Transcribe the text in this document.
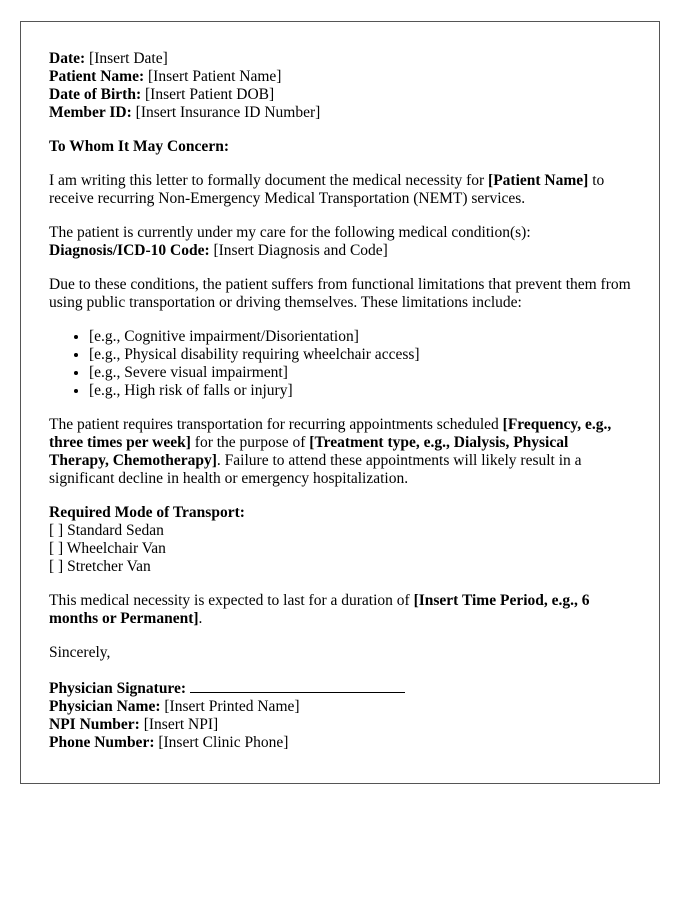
Date: [Insert Date]
Patient Name: [Insert Patient Name]
Date of Birth: [Insert Patient DOB]
Member ID: [Insert Insurance ID Number]
To Whom It May Concern:
I am writing this letter to formally document the medical necessity for [Patient Name] to receive recurring Non-Emergency Medical Transportation (NEMT) services.
The patient is currently under my care for the following medical condition(s):
Diagnosis/ICD-10 Code: [Insert Diagnosis and Code]
Due to these conditions, the patient suffers from functional limitations that prevent them from using public transportation or driving themselves. These limitations include:
• [e.g., Cognitive impairment/Disorientation]
• [e.g., Physical disability requiring wheelchair access]
• [e.g., Severe visual impairment]
• [e.g., High risk of falls or injury]
The patient requires transportation for recurring appointments scheduled [Frequency, e.g., three times per week] for the purpose of [Treatment type, e.g., Dialysis, Physical Therapy, Chemotherapy]. Failure to attend these appointments will likely result in a significant decline in health or emergency hospitalization.
Required Mode of Transport:
[ ] Standard Sedan
[ ] Wheelchair Van
[ ] Stretcher Van
This medical necessity is expected to last for a duration of [Insert Time Period, e.g., 6 months or Permanent].
Sincerely,
Physician Signature:
Physician Name: [Insert Printed Name]
NPI Number: [Insert NPI]
Phone Number: [Insert Clinic Phone]
